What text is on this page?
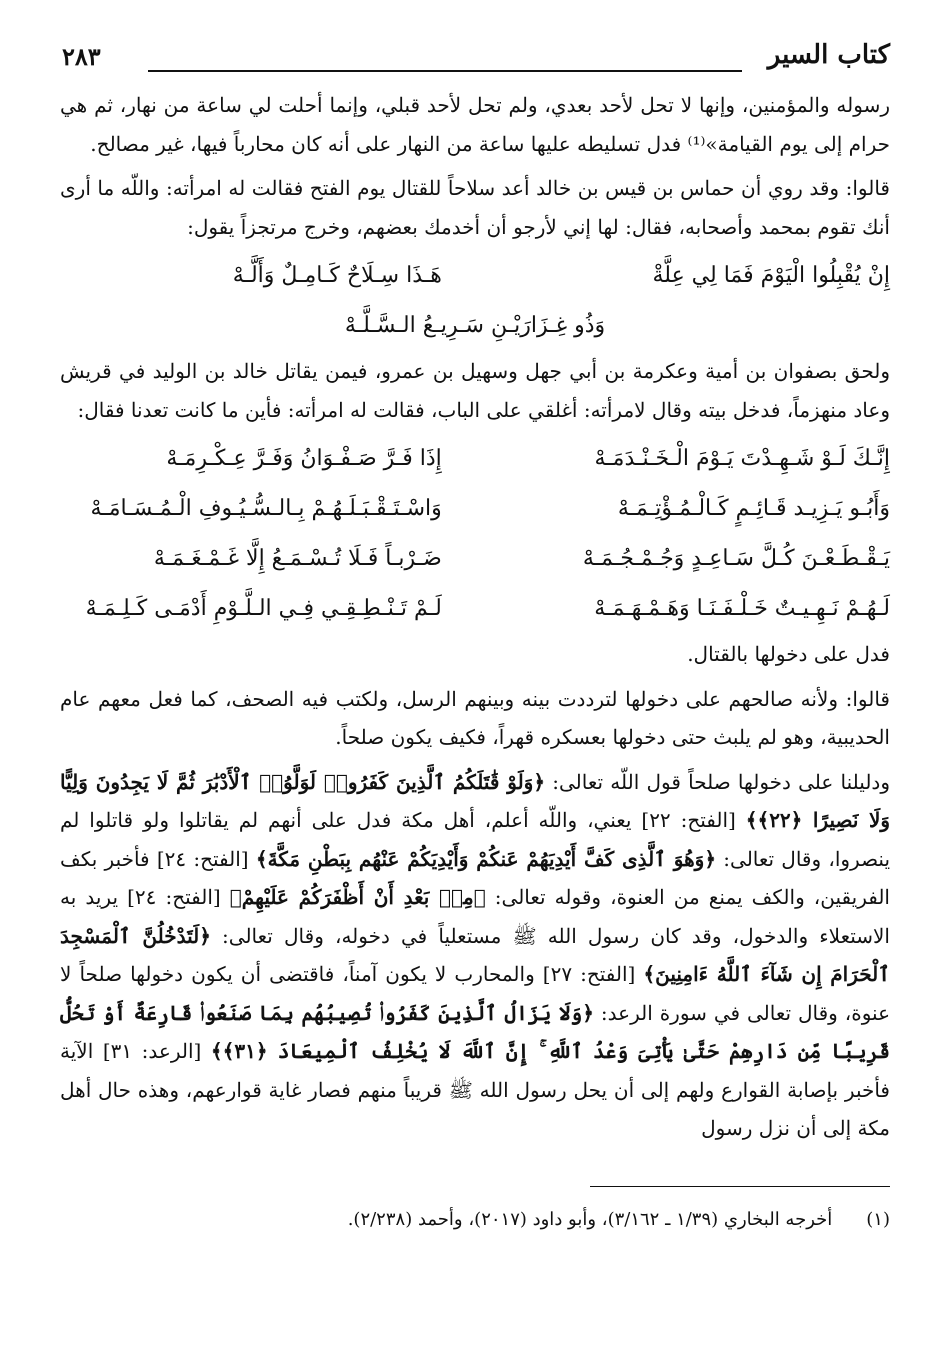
كتاب السير
٢٨٣

رسوله والمؤمنين، وإنها لا تحل لأحد بعدي، ولم تحل لأحد قبلي، وإنما أحلت لي ساعة من نهار، ثم هي حرام إلى يوم القيامة»⁽¹⁾ فدل تسليطه عليها ساعة من النهار على أنه كان محارباً فيها، غير مصالح.

قالوا: وقد روي أن حماس بن قيس بن خالد أعد سلاحاً للقتال يوم الفتح فقالت له امرأته: واللّه ما أرى أنك تقوم بمحمد وأصحابه، فقال: لها إني لأرجو أن أخدمك بعضهم، وخرج مرتجزاً يقول:

إِنْ يُقْبِلُوا الْيَوْمَ فَمَا لِي عِلَّةْ
هَـذَا سِـلَاحٌ كَـامِـلٌ وَأَلَّـهْ
وَذُو غِـزَارَيْـنِ سَـرِيـعُ الـسَّـلَّـهْ

ولحق بصفوان بن أمية وعكرمة بن أبي جهل وسهيل بن عمرو، فيمن يقاتل خالد بن الوليد في قريش وعاد منهزماً، فدخل بيته وقال لامرأته: أغلقي على الباب، فقالت له امرأته: فأين ما كانت تعدنا فقال:

إِنَّـكَ لَـوْ شَـهِـدْتَ يَـوْمَ الْـخَـنْـدَمَـهْ
إِذَا فَـرَّ صَـفْـوَانُ وَفَـرَّ عِـكْـرِمَـهْ
وَأَبُـو يَـزِيـد قَـائِـمٍ كَـالْـمُـؤْتِـمَـهْ
وَاسْـتَـقْـبَـلَـهُـمْ بِـالـسُّـيُـوفِ الْـمُـسَـامَـهْ
يَـقْـطَـعْـنَ كُـلَّ سَـاعِـدٍ وَجُـمْـجُـمَـهْ
ضَـرْبـاً فَـلَا تُـسْـمَـعُ إِلَّا غَـمْـغَـمَـهْ
لَـهُـمْ نَـهِـيـتٌ خَـلْـفَـنَـا وَهَـمْـهَـمَـهْ
لَـمْ تَـنْـطِـقِـي فِـي الـلَّـوْمِ أَدْمَـى كَـلِـمَـهْ

فدل على دخولها بالقتال.

قالوا: ولأنه صالحهم على دخولها لترددت بينه وبينهم الرسل، ولكتب فيه الصحف، كما فعل معهم عام الحديبية، وهو لم يلبث حتى دخولها بعسكره قهراً، فكيف يكون صلحاً.

ودليلنا على دخولها صلحاً قول اللّه تعالى: ﴿وَلَوْ قَٰتَلَكُمُ ٱلَّذِينَ كَفَرُوا۟ لَوَلَّوُا۟ ٱلْأَدْبَٰرَ ثُمَّ لَا يَجِدُونَ وَلِيًّا وَلَا نَصِيرًا ﴿٢٢﴾﴾ [الفتح: ٢٢] يعني، واللّه أعلم، أهل مكة فدل على أنهم لم يقاتلوا ولو قاتلوا لم ينصروا، وقال تعالى: ﴿وَهُوَ ٱلَّذِى كَفَّ أَيْدِيَهُمْ عَنكُمْ وَأَيْدِيَكُمْ عَنْهُم بِبَطْنِ مَكَّةَ﴾ [الفتح: ٢٤] فأخبر بكف الفريقين، والكف يمنع من العنوة، وقوله تعالى: ﴿مِنۢ بَعْدِ أَنْ أَظْفَرَكُمْ عَلَيْهِمْ﴾ [الفتح: ٢٤] يريد به الاستعلاء والدخول، وقد كان رسول الله ﷺ مستعلياً في دخوله، وقال تعالى: ﴿لَتَدْخُلُنَّ ٱلْمَسْجِدَ ٱلْحَرَامَ إِن شَآءَ ٱللَّهُ ءَامِنِينَ﴾ [الفتح: ٢٧] والمحارب لا يكون آمناً، فاقتضى أن يكون دخولها صلحاً لا عنوة، وقال تعالى في سورة الرعد: ﴿وَلَا يَزَالُ ٱلَّذِينَ كَفَرُوا۟ تُصِيبُهُم بِمَا صَنَعُوا۟ قَارِعَةٌ أَوْ تَحُلُّ قَرِيبًا مِّن دَارِهِمْ حَتَّىٰ يَأْتِىَ وَعْدُ ٱللَّهِ ۚ إِنَّ ٱللَّهَ لَا يُخْلِفُ ٱلْمِيعَادَ ﴿٣١﴾﴾ [الرعد: ٣١] الآية فأخبر بإصابة القوارع ولهم إلى أن يحل رسول الله ﷺ قريباً منهم فصار غاية قوارعهم، وهذه حال أهل مكة إلى أن نزل رسول

(١)أخرجه البخاري (١/٣٩ ـ ٣/١٦٢)، وأبو داود (٢٠١٧)، وأحمد (٢/٢٣٨).
